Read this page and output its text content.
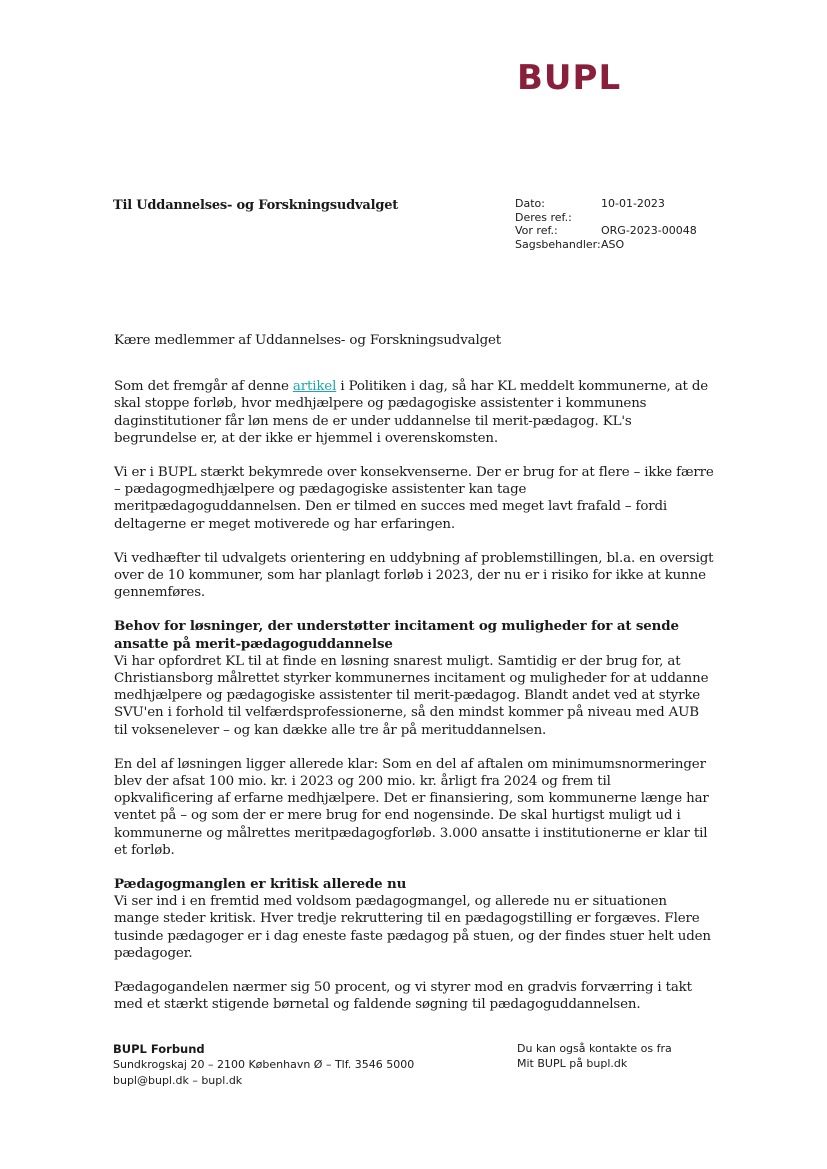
BUPL
Til Uddannelses- og Forskningsudvalget	Dato:	10-01-2023
Deres ref.:
Vor ref.:	ORG-2023-00048
Sagsbehandler: ASO

Kære medlemmer af Uddannelses- og Forskningsudvalget

Som det fremgår af denne artikel i Politiken i dag, så har KL meddelt kommunerne, at de skal stoppe forløb, hvor medhjælpere og pædagogiske assistenter i kommunens daginstitutioner får løn mens de er under uddannelse til merit-pædagog. KL's begrundelse er, at der ikke er hjemmel i overenskomsten.

Vi er i BUPL stærkt bekymrede over konsekvenserne. Der er brug for at flere – ikke færre – pædagogmedhjælpere og pædagogiske assistenter kan tage meritpædagoguddannelsen. Den er tilmed en succes med meget lavt frafald – fordi deltagerne er meget motiverede og har erfaringen.

Vi vedhæfter til udvalgets orientering en uddybning af problemstillingen, bl.a. en oversigt over de 10 kommuner, som har planlagt forløb i 2023, der nu er i risiko for ikke at kunne gennemføres.

Behov for løsninger, der understøtter incitament og muligheder for at sende ansatte på merit-pædagoguddannelse

Vi har opfordret KL til at finde en løsning snarest muligt. Samtidig er der brug for, at Christiansborg målrettet styrker kommunernes incitament og muligheder for at uddanne medhjælpere og pædagogiske assistenter til merit-pædagog. Blandt andet ved at styrke SVU'en i forhold til velfærdsprofessionerne, så den mindst kommer på niveau med AUB til voksenelever – og kan dække alle tre år på merituddannelsen.

En del af løsningen ligger allerede klar: Som en del af aftalen om minimumsnormeringer blev der afsat 100 mio. kr. i 2023 og 200 mio. kr. årligt fra 2024 og frem til opkvalificering af erfarne medhjælpere. Det er finansiering, som kommunerne længe har ventet på – og som der er mere brug for end nogensinde. De skal hurtigst muligt ud i kommunerne og målrettes meritpædagogforløb. 3.000 ansatte i institutionerne er klar til et forløb.

Pædagogmanglen er kritisk allerede nu

Vi ser ind i en fremtid med voldsom pædagogmangel, og allerede nu er situationen mange steder kritisk. Hver tredje rekruttering til en pædagogstilling er forgæves. Flere tusinde pædagoger er i dag eneste faste pædagog på stuen, og der findes stuer helt uden pædagoger.

Pædagogandelen nærmer sig 50 procent, og vi styrer mod en gradvis forværring i takt med et stærkt stigende børnetal og faldende søgning til pædagoguddannelsen.

BUPL Forbund
Sundkrogskaj 20 – 2100 København Ø – Tlf. 3546 5000
bupl@bupl.dk – bupl.dk
Du kan også kontakte os fra
Mit BUPL på bupl.dk
